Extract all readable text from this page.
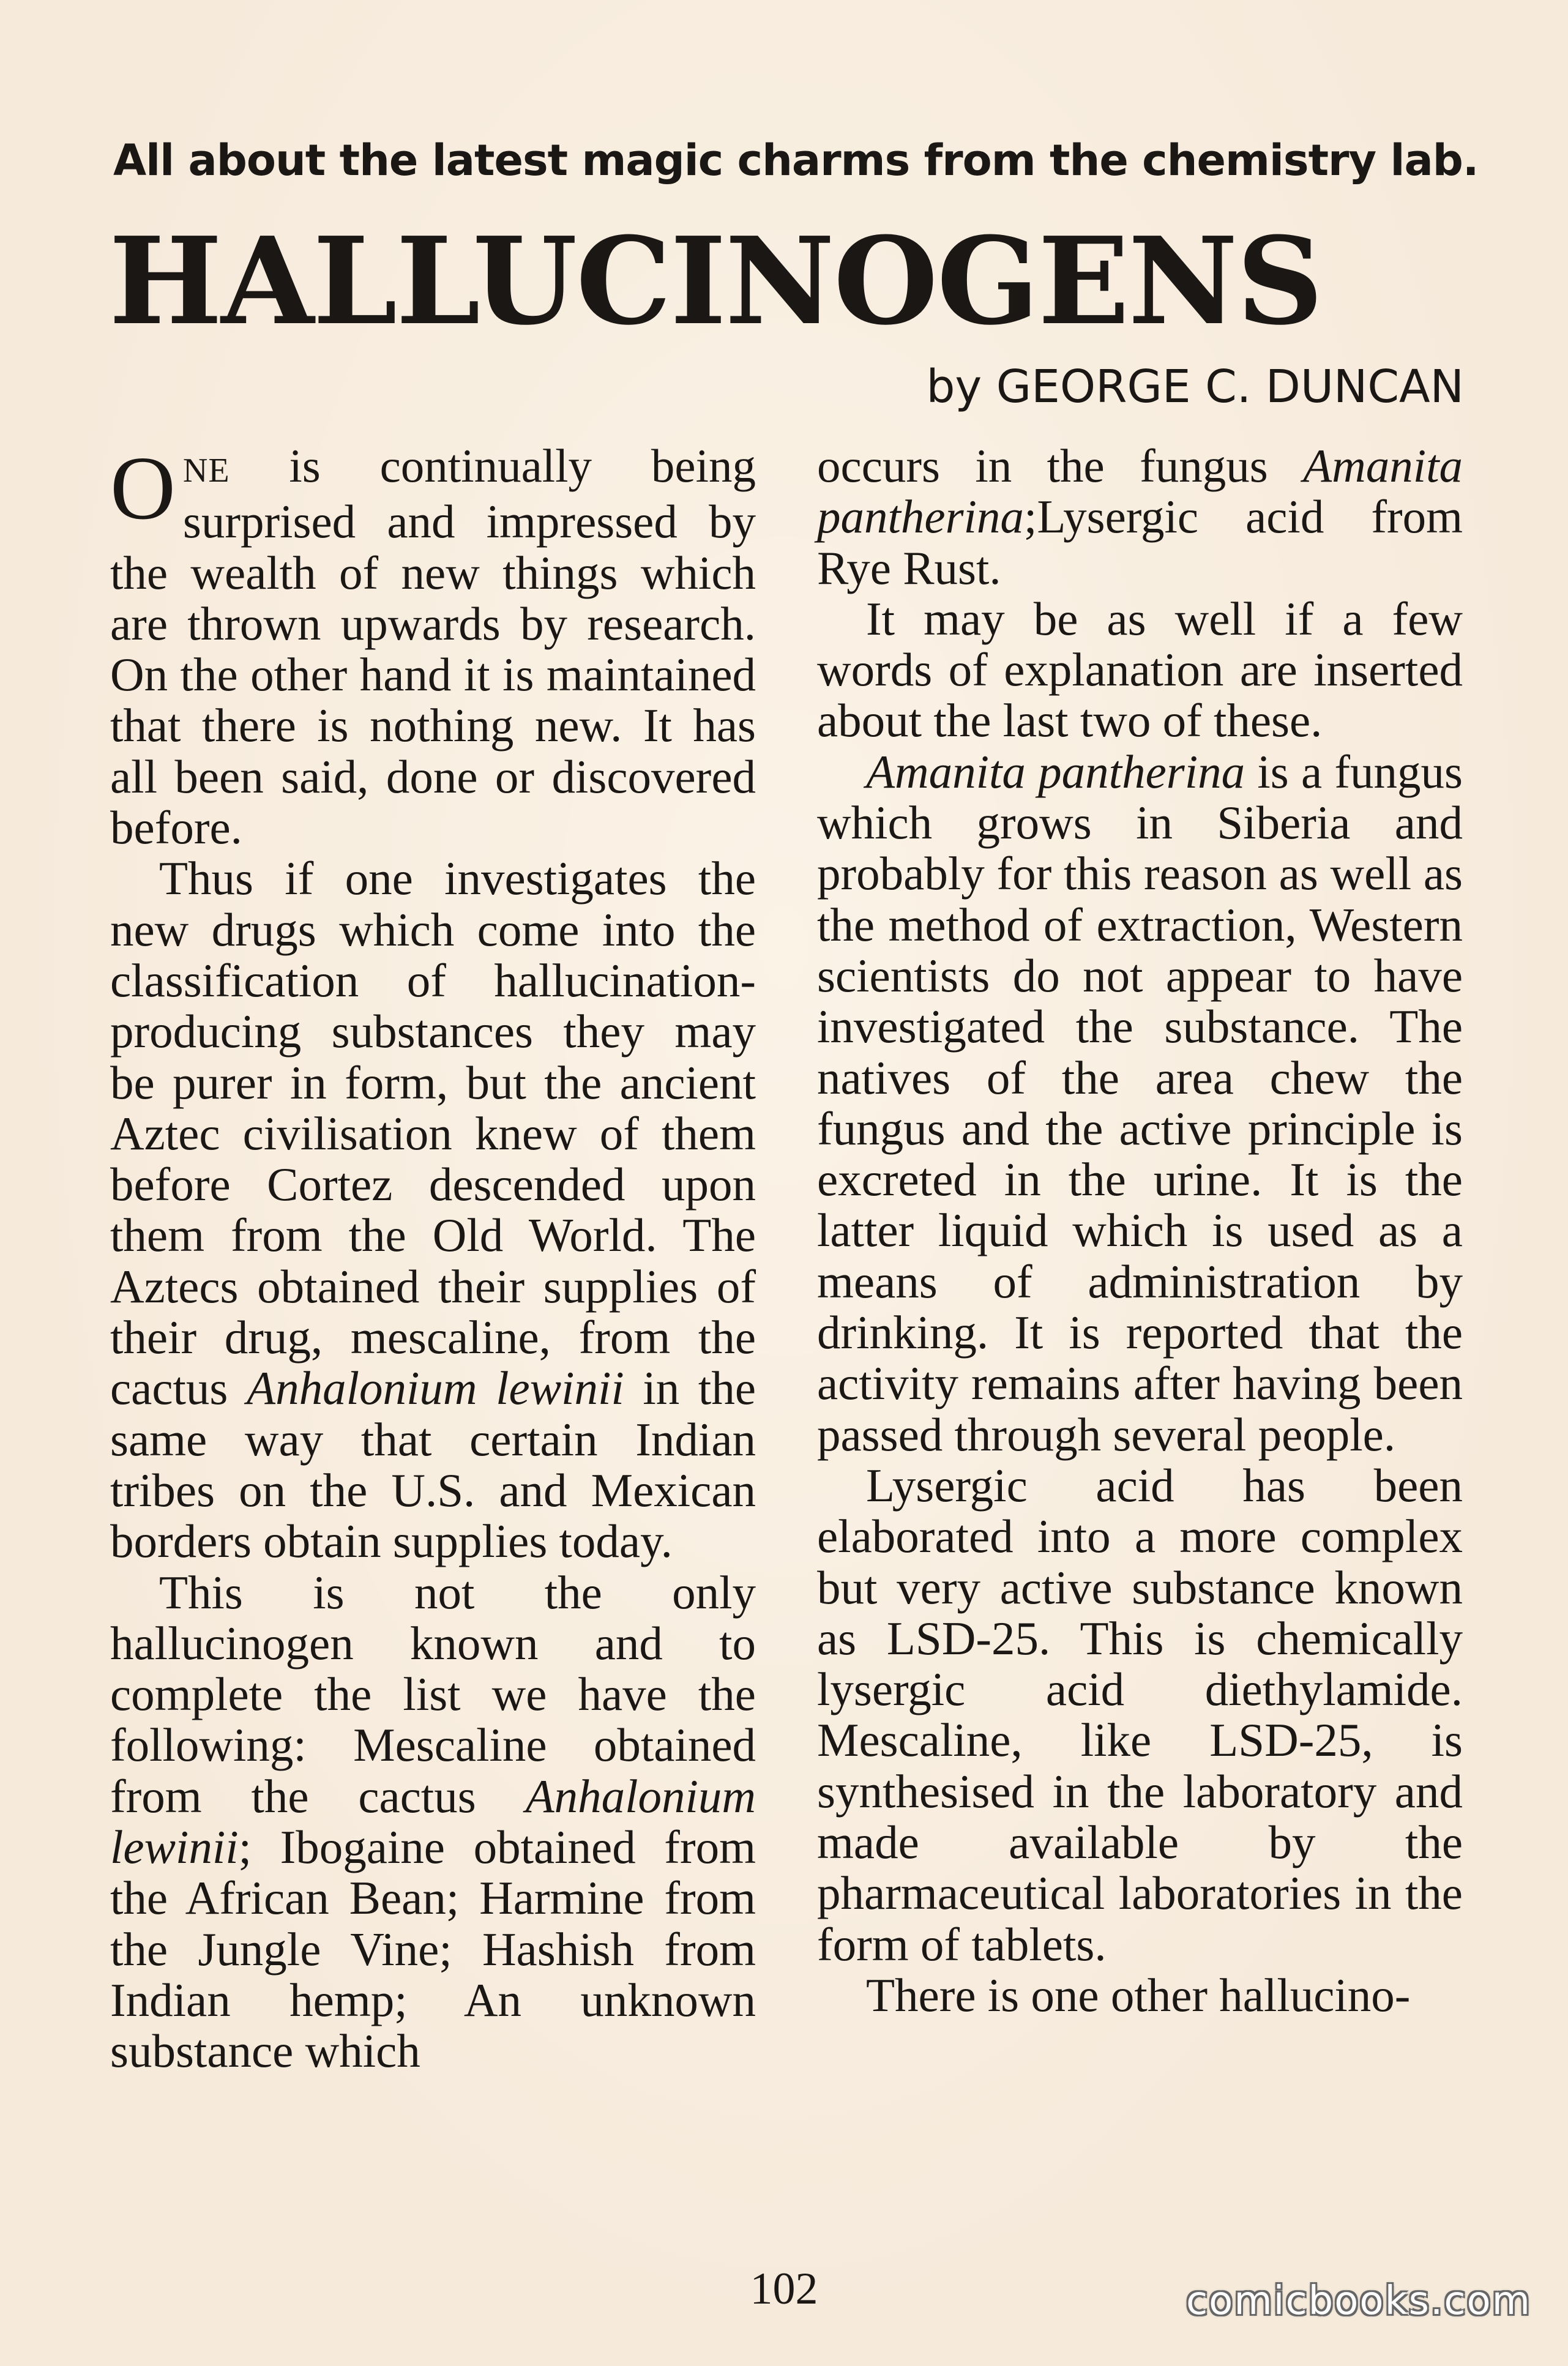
All about the latest magic charms from the chemistry lab.
HALLUCINOGENS
by GEORGE C. DUNCAN

ONE is continually being surprised and impressed by the wealth of new things which are thrown upwards by research. On the other hand it is maintained that there is nothing new. It has all been said, done or discovered before.

Thus if one investigates the new drugs which come into the classification of hallucination-producing substances they may be purer in form, but the ancient Aztec civilisation knew of them before Cortez descended upon them from the Old World. The Aztecs obtained their supplies of their drug, mescaline, from the cactus Anhalonium lewinii in the same way that certain Indian tribes on the U.S. and Mexican borders obtain supplies today.

This is not the only hallucinogen known and to complete the list we have the following: Mescaline obtained from the cactus Anhalonium lewinii; Ibogaine obtained from the African Bean; Harmine from the Jungle Vine; Hashish from Indian hemp; An unknown substance which

occurs in the fungus Amanita pantherina;Lysergic acid from Rye Rust.

It may be as well if a few words of explanation are inserted about the last two of these.

Amanita pantherina is a fungus which grows in Siberia and probably for this reason as well as the method of extraction, Western scientists do not appear to have investigated the substance. The natives of the area chew the fungus and the active principle is excreted in the urine. It is the latter liquid which is used as a means of administration by drinking. It is reported that the activity remains after having been passed through several people.

Lysergic acid has been elaborated into a more complex but very active substance known as LSD-25. This is chemically lysergic acid diethylamide. Mescaline, like LSD-25, is synthesised in the laboratory and made available by the pharmaceutical laboratories in the form of tablets.

There is one other hallucino-

102	comicbooks.com
